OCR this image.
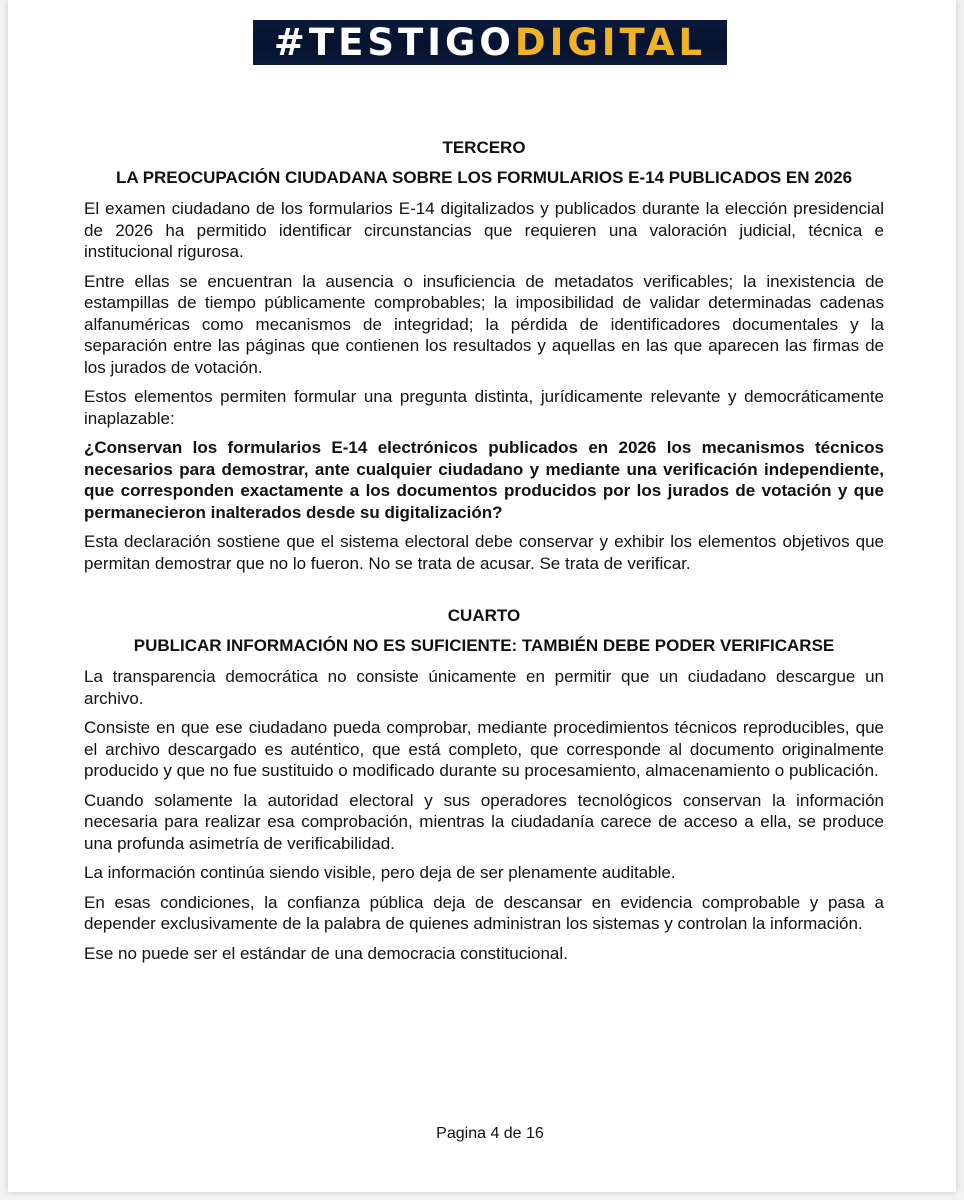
#TESTIGO DIGITAL
TERCERO
LA PREOCUPACIÓN CIUDADANA SOBRE LOS FORMULARIOS E-14 PUBLICADOS EN 2026

El examen ciudadano de los formularios E-14 digitalizados y publicados durante la elección presidencial de 2026 ha permitido identificar circunstancias que requieren una valoración judicial, técnica e institucional rigurosa.

Entre ellas se encuentran la ausencia o insuficiencia de metadatos verificables; la inexistencia de estampillas de tiempo públicamente comprobables; la imposibilidad de validar determinadas cadenas alfanuméricas como mecanismos de integridad; la pérdida de identificadores documentales y la separación entre las páginas que contienen los resultados y aquellas en las que aparecen las firmas de los jurados de votación.

Estos elementos permiten formular una pregunta distinta, jurídicamente relevante y democráticamente inaplazable:

¿Conservan los formularios E-14 electrónicos publicados en 2026 los mecanismos técnicos necesarios para demostrar, ante cualquier ciudadano y mediante una verificación independiente, que corresponden exactamente a los documentos producidos por los jurados de votación y que permanecieron inalterados desde su digitalización?

Esta declaración sostiene que el sistema electoral debe conservar y exhibir los elementos objetivos que permitan demostrar que no lo fueron. No se trata de acusar. Se trata de verificar.

CUARTO
PUBLICAR INFORMACIÓN NO ES SUFICIENTE: TAMBIÉN DEBE PODER VERIFICARSE

La transparencia democrática no consiste únicamente en permitir que un ciudadano descargue un archivo.

Consiste en que ese ciudadano pueda comprobar, mediante procedimientos técnicos reproducibles, que el archivo descargado es auténtico, que está completo, que corresponde al documento originalmente producido y que no fue sustituido o modificado durante su procesamiento, almacenamiento o publicación.

Cuando solamente la autoridad electoral y sus operadores tecnológicos conservan la información necesaria para realizar esa comprobación, mientras la ciudadanía carece de acceso a ella, se produce una profunda asimetría de verificabilidad.

La información continúa siendo visible, pero deja de ser plenamente auditable.

En esas condiciones, la confianza pública deja de descansar en evidencia comprobable y pasa a depender exclusivamente de la palabra de quienes administran los sistemas y controlan la información.

Ese no puede ser el estándar de una democracia constitucional.

Pagina 4 de 16
